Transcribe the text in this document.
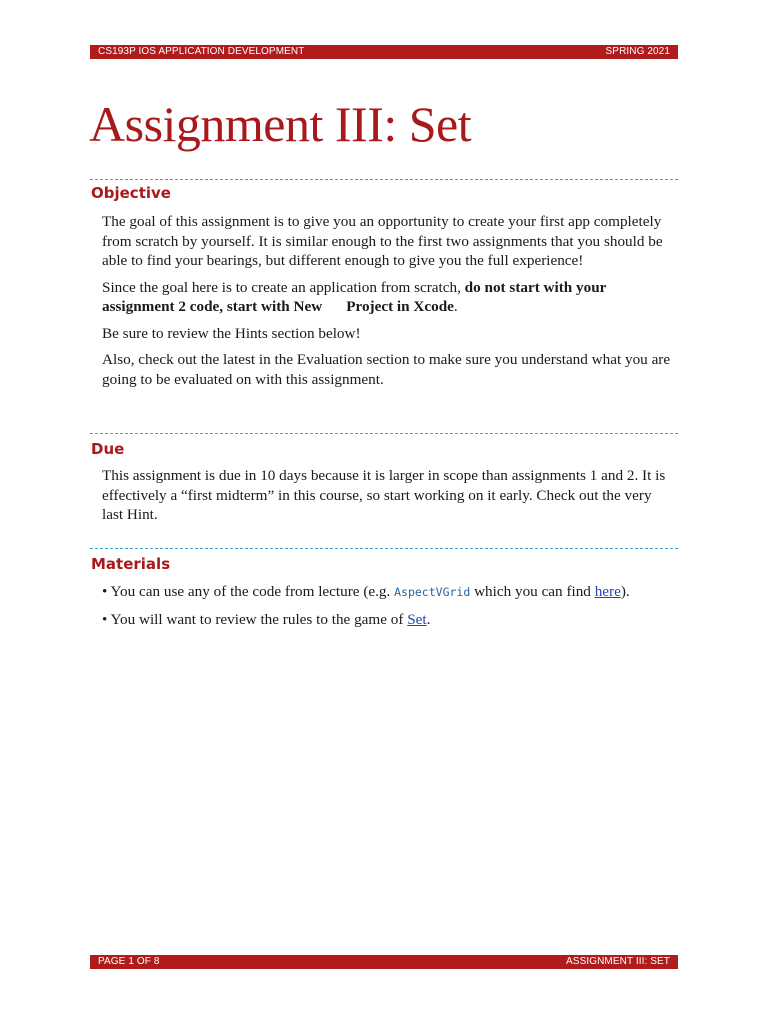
CS193P IOS APPLICATION DEVELOPMENT	SPRING 2021
Assignment III: Set
Objective

The goal of this assignment is to give you an opportunity to create your first app completely from scratch by yourself. It is similar enough to the first two assignments that you should be able to find your bearings, but different enough to give you the full experience!

Since the goal here is to create an application from scratch, do not start with your assignment 2 code, start with New Project in Xcode.

Be sure to review the Hints section below!

Also, check out the latest in the Evaluation section to make sure you understand what you are going to be evaluated on with this assignment.

Due

This assignment is due in 10 days because it is larger in scope than assignments 1 and 2. It is effectively a “first midterm” in this course, so start working on it early. Check out the very last Hint.

Materials
• You can use any of the code from lecture (e.g. AspectVGrid which you can find here).
• You will want to review the rules to the game of Set.
PAGE 1 OF 8	ASSIGNMENT III: SET
